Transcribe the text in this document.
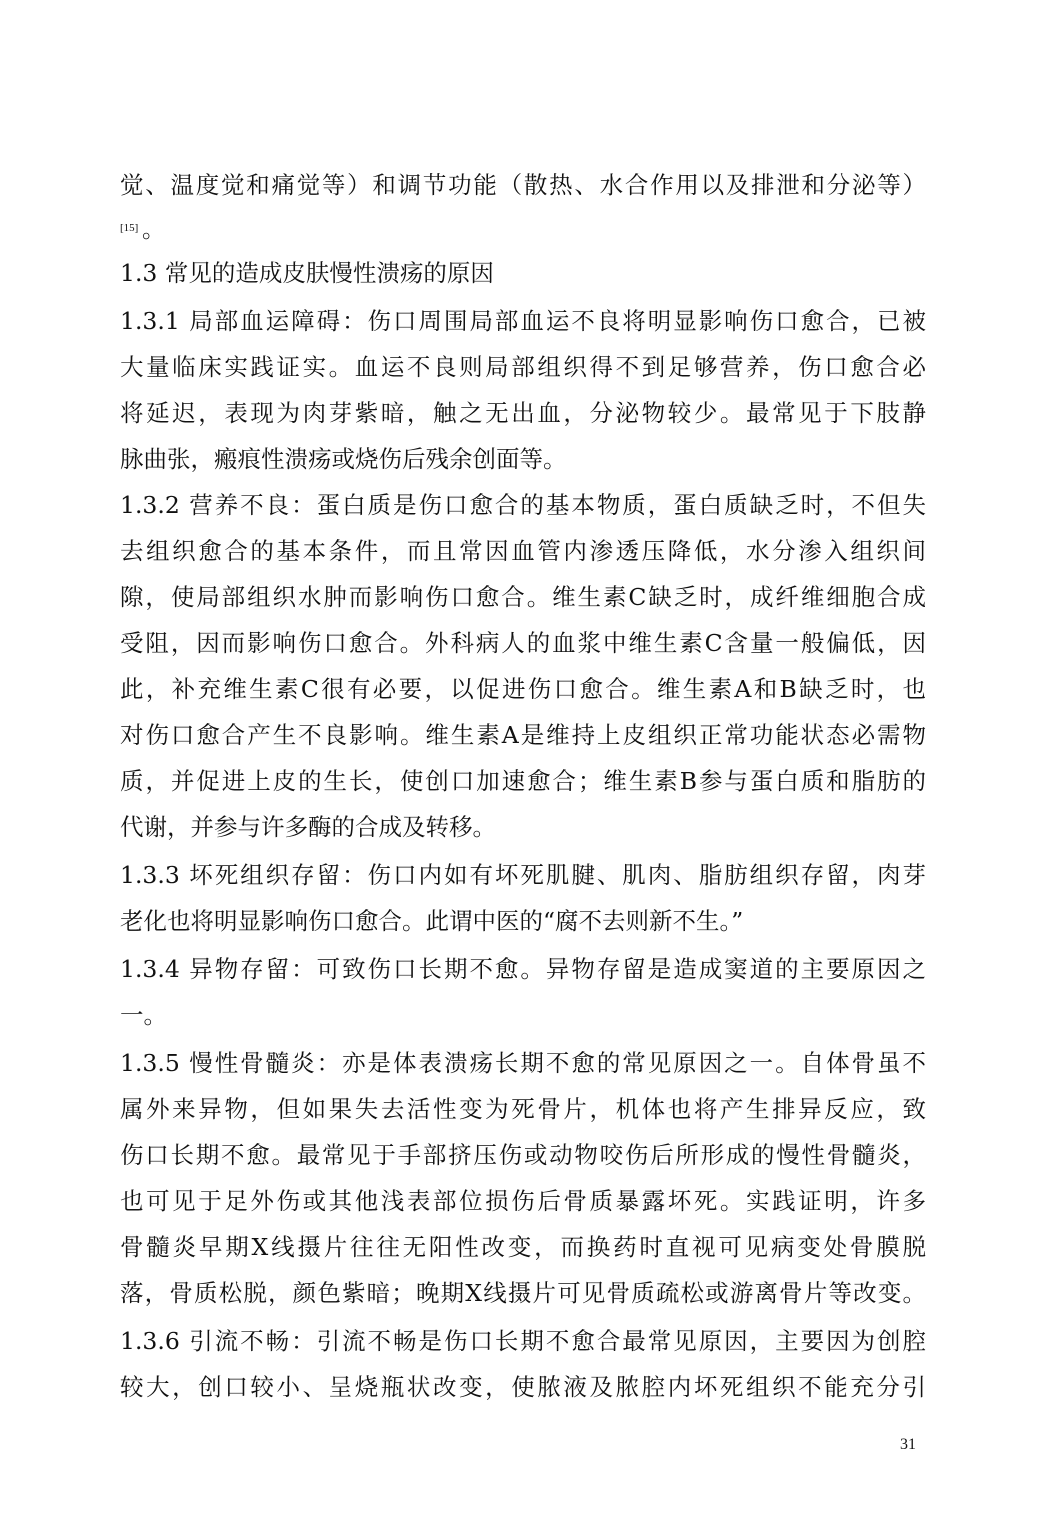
觉、温度觉和痛觉等）和调节功能（散热、水合作用以及排泄和分泌等）
[15] 。
1.3 常见的造成皮肤慢性溃疡的原因
1.3.1 局部血运障碍：伤口周围局部血运不良将明显影响伤口愈合，已被
大量临床实践证实。血运不良则局部组织得不到足够营养，伤口愈合必
将延迟，表现为肉芽紫暗，触之无出血，分泌物较少。最常见于下肢静
脉曲张，瘢痕性溃疡或烧伤后残余创面等。
1.3.2 营养不良：蛋白质是伤口愈合的基本物质，蛋白质缺乏时，不但失
去组织愈合的基本条件，而且常因血管内渗透压降低，水分渗入组织间
隙，使局部组织水肿而影响伤口愈合。维生素C缺乏时，成纤维细胞合成
受阻，因而影响伤口愈合。外科病人的血浆中维生素C含量一般偏低，因
此，补充维生素C很有必要，以促进伤口愈合。维生素A和B缺乏时，也
对伤口愈合产生不良影响。维生素A是维持上皮组织正常功能状态必需物
质，并促进上皮的生长，使创口加速愈合；维生素B参与蛋白质和脂肪的
代谢，并参与许多酶的合成及转移。
1.3.3 坏死组织存留：伤口内如有坏死肌腱、肌肉、脂肪组织存留，肉芽
老化也将明显影响伤口愈合。此谓中医的“腐不去则新不生。”
1.3.4 异物存留：可致伤口长期不愈。异物存留是造成窦道的主要原因之
一。
1.3.5 慢性骨髓炎：亦是体表溃疡长期不愈的常见原因之一。自体骨虽不
属外来异物，但如果失去活性变为死骨片，机体也将产生排异反应，致
伤口长期不愈。最常见于手部挤压伤或动物咬伤后所形成的慢性骨髓炎，
也可见于足外伤或其他浅表部位损伤后骨质暴露坏死。实践证明，许多
骨髓炎早期X线摄片往往无阳性改变，而换药时直视可见病变处骨膜脱
落，骨质松脱，颜色紫暗；晚期X线摄片可见骨质疏松或游离骨片等改变。
1.3.6 引流不畅：引流不畅是伤口长期不愈合最常见原因，主要因为创腔
较大，创口较小、呈烧瓶状改变，使脓液及脓腔内坏死组织不能充分引
31
